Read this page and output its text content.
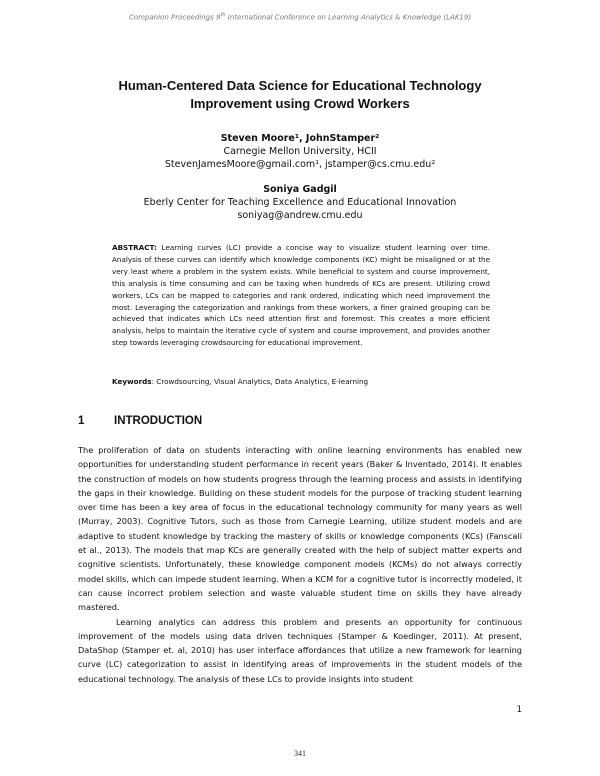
Companion Proceedings 9th International Conference on Learning Analytics & Knowledge (LAK19)
Human-Centered Data Science for Educational Technology Improvement using Crowd Workers
Steven Moore¹, JohnStamper²
Carnegie Mellon University, HCII
StevenJamesMoore@gmail.com¹, jstamper@cs.cmu.edu²
Soniya Gadgil
Eberly Center for Teaching Excellence and Educational Innovation
soniyag@andrew.cmu.edu
ABSTRACT: Learning curves (LC) provide a concise way to visualize student learning over time. Analysis of these curves can identify which knowledge components (KC) might be misaligned or at the very least where a problem in the system exists. While beneficial to system and course improvement, this analysis is time consuming and can be taxing when hundreds of KCs are present. Utilizing crowd workers, LCs can be mapped to categories and rank ordered, indicating which need improvement the most. Leveraging the categorization and rankings from these workers, a finer grained grouping can be achieved that indicates which LCs need attention first and foremost. This creates a more efficient analysis, helps to maintain the iterative cycle of system and course improvement, and provides another step towards leveraging crowdsourcing for educational improvement.
Keywords: Crowdsourcing, Visual Analytics, Data Analytics, E-learning
1	INTRODUCTION

The proliferation of data on students interacting with online learning environments has enabled new opportunities for understanding student performance in recent years (Baker & Inventado, 2014). It enables the construction of models on how students progress through the learning process and assists in identifying the gaps in their knowledge. Building on these student models for the purpose of tracking student learning over time has been a key area of focus in the educational technology community for many years as well (Murray, 2003). Cognitive Tutors, such as those from Carnegie Learning, utilize student models and are adaptive to student knowledge by tracking the mastery of skills or knowledge components (KCs) (Fanscali et al., 2013). The models that map KCs are generally created with the help of subject matter experts and cognitive scientists. Unfortunately, these knowledge component models (KCMs) do not always correctly model skills, which can impede student learning. When a KCM for a cognitive tutor is incorrectly modeled, it can cause incorrect problem selection and waste valuable student time on skills they have already mastered.

Learning analytics can address this problem and presents an opportunity for continuous improvement of the models using data driven techniques (Stamper & Koedinger, 2011). At present, DataShop (Stamper et. al, 2010) has user interface affordances that utilize a new framework for learning curve (LC) categorization to assist in identifying areas of improvements in the student models of the educational technology. The analysis of these LCs to provide insights into student

1
341
